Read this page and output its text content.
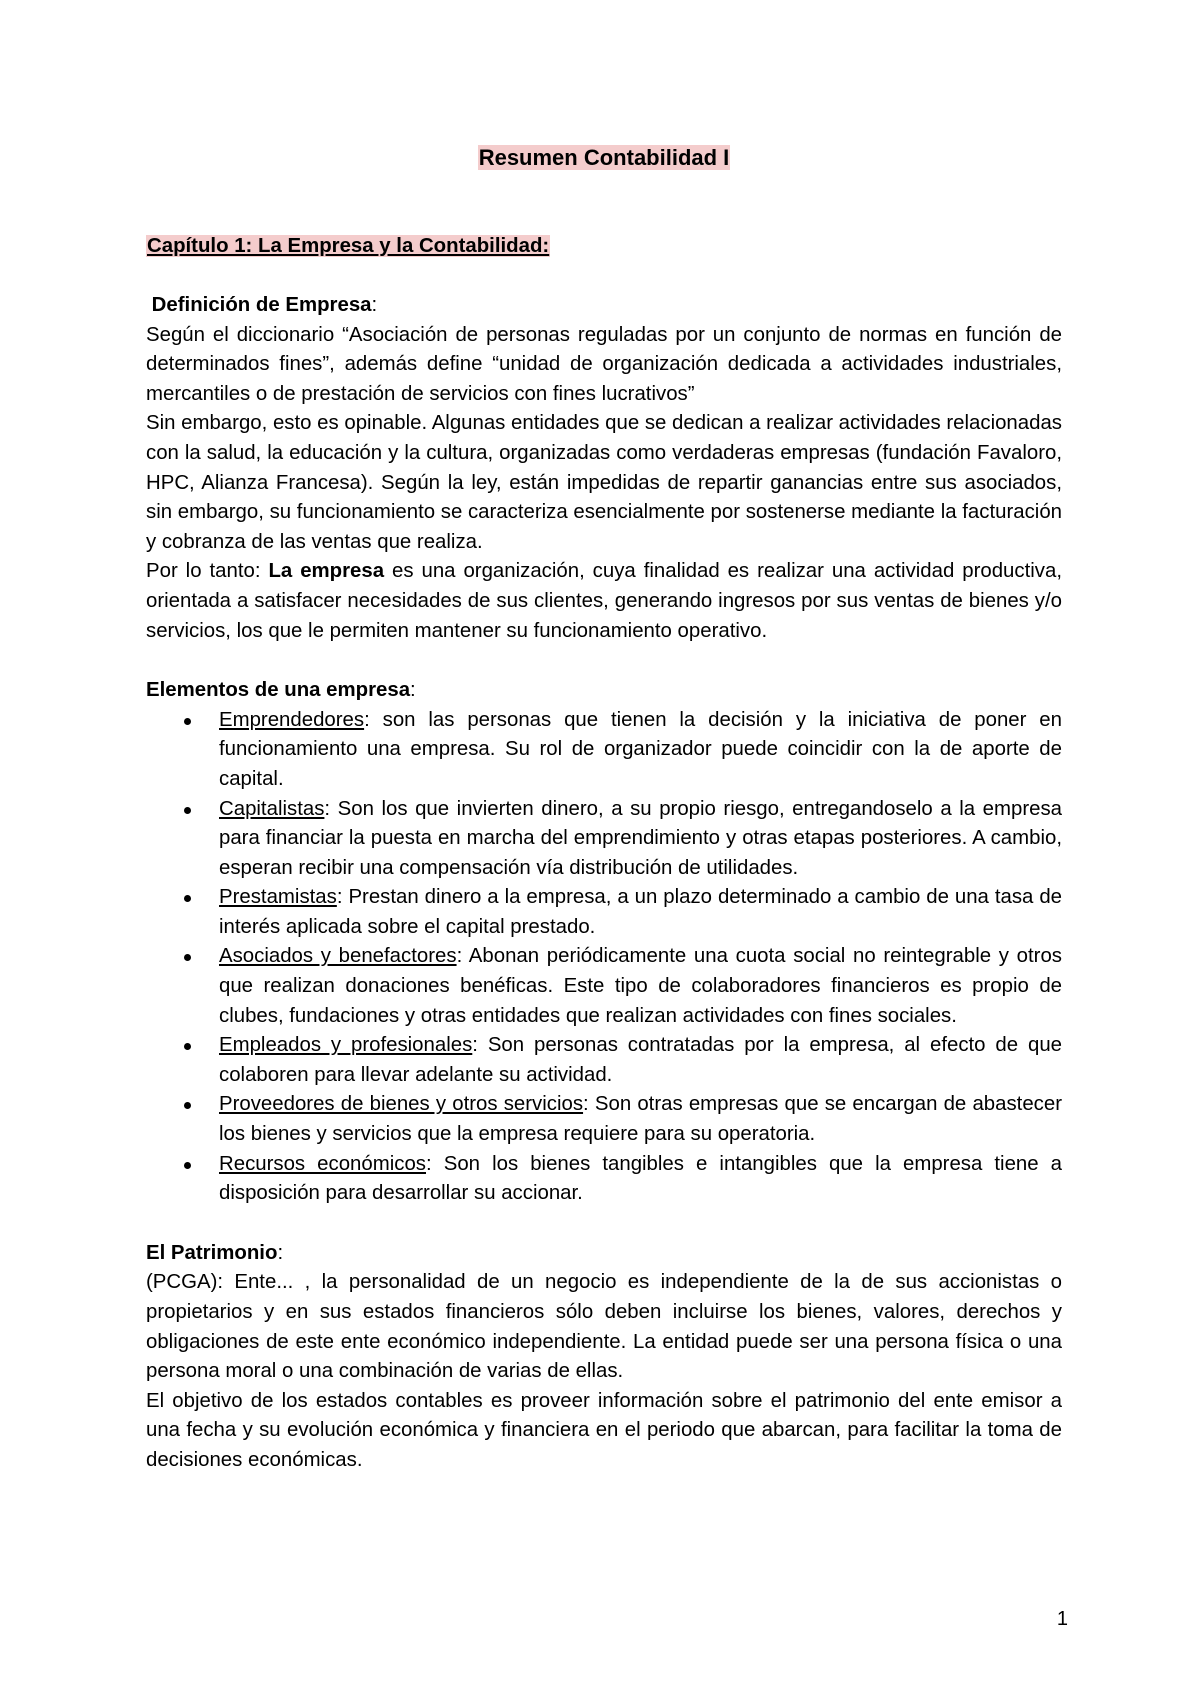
Resumen Contabilidad I

Capítulo 1: La Empresa y la Contabilidad:

Definición de Empresa:

Según el diccionario “Asociación de personas reguladas por un conjunto de normas en función de determinados fines”, además define “unidad de organización dedicada a actividades industriales, mercantiles o de prestación de servicios con fines lucrativos”

Sin embargo, esto es opinable. Algunas entidades que se dedican a realizar actividades relacionadas con la salud, la educación y la cultura, organizadas como verdaderas empresas (fundación Favaloro, HPC, Alianza Francesa). Según la ley, están impedidas de repartir ganancias entre sus asociados, sin embargo, su funcionamiento se caracteriza esencialmente por sostenerse mediante la facturación y cobranza de las ventas que realiza.

Por lo tanto: La empresa es una organización, cuya finalidad es realizar una actividad productiva, orientada a satisfacer necesidades de sus clientes, generando ingresos por sus ventas de bienes y/o servicios, los que le permiten mantener su funcionamiento operativo.

Elementos de una empresa:

Emprendedores: son las personas que tienen la decisión y la iniciativa de poner en funcionamiento una empresa. Su rol de organizador puede coincidir con la de aporte de capital.
Capitalistas: Son los que invierten dinero, a su propio riesgo, entregandoselo a la empresa para financiar la puesta en marcha del emprendimiento y otras etapas posteriores. A cambio, esperan recibir una compensación vía distribución de utilidades.
Prestamistas: Prestan dinero a la empresa, a un plazo determinado a cambio de una tasa de interés aplicada sobre el capital prestado.
Asociados y benefactores: Abonan periódicamente una cuota social no reintegrable y otros que realizan donaciones benéficas. Este tipo de colaboradores financieros es propio de clubes, fundaciones y otras entidades que realizan actividades con fines sociales.
Empleados y profesionales: Son personas contratadas por la empresa, al efecto de que colaboren para llevar adelante su actividad.
Proveedores de bienes y otros servicios: Son otras empresas que se encargan de abastecer los bienes y servicios que la empresa requiere para su operatoria.
Recursos económicos: Son los bienes tangibles e intangibles que la empresa tiene a disposición para desarrollar su accionar.

El Patrimonio:

(PCGA): Ente... , la personalidad de un negocio es independiente de la de sus accionistas o propietarios y en sus estados financieros sólo deben incluirse los bienes, valores, derechos y obligaciones de este ente económico independiente. La entidad puede ser una persona física o una persona moral o una combinación de varias de ellas.

El objetivo de los estados contables es proveer información sobre el patrimonio del ente emisor a una fecha y su evolución económica y financiera en el periodo que abarcan, para facilitar la toma de decisiones económicas.

1
